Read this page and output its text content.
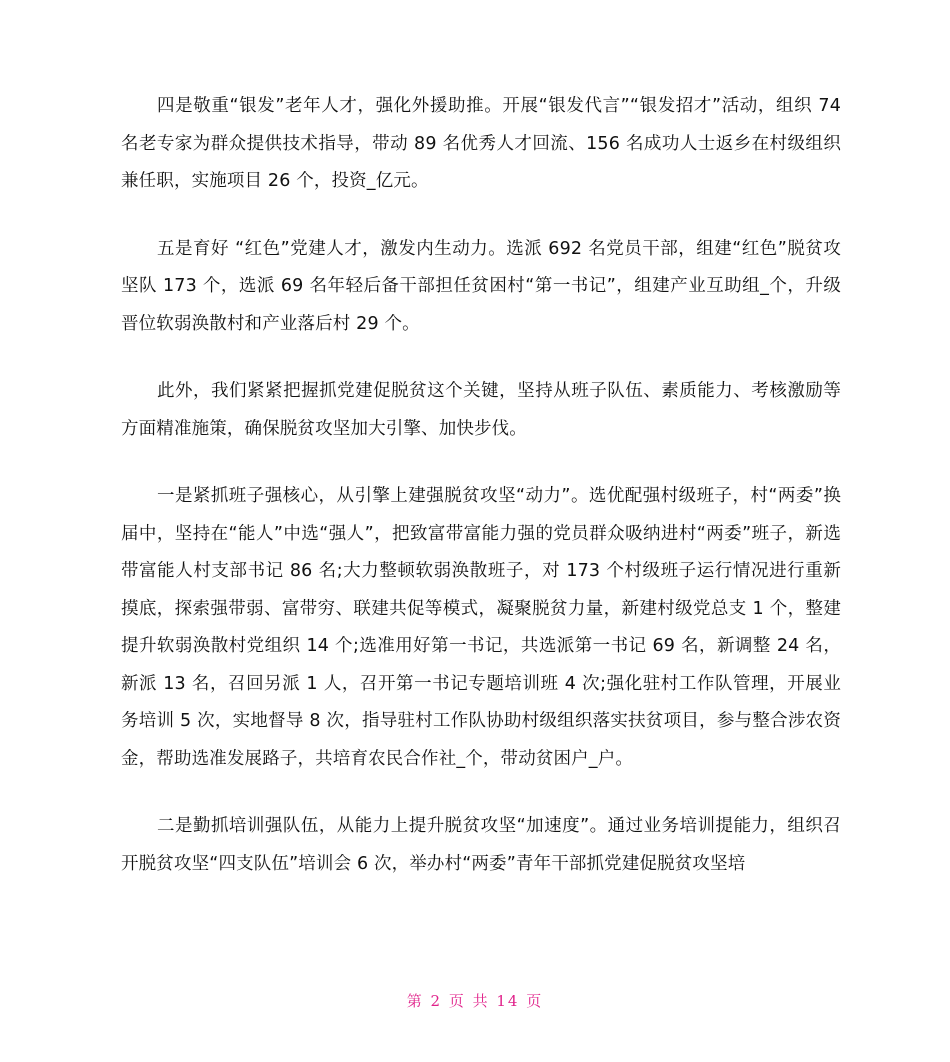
四是敬重“银发”老年人才，强化外援助推。开展“银发代言”“银发招才”活动，组织 74 名老专家为群众提供技术指导，带动 89 名优秀人才回流、156 名成功人士返乡在村级组织兼任职，实施项目 26 个，投资_亿元。

五是育好 “红色”党建人才，激发内生动力。选派 692 名党员干部，组建“红色”脱贫攻坚队 173 个，选派 69 名年轻后备干部担任贫困村“第一书记”，组建产业互助组_个，升级晋位软弱涣散村和产业落后村 29 个。

此外，我们紧紧把握抓党建促脱贫这个关键，坚持从班子队伍、素质能力、考核激励等方面精准施策，确保脱贫攻坚加大引擎、加快步伐。

一是紧抓班子强核心，从引擎上建强脱贫攻坚“动力”。选优配强村级班子，村“两委”换届中，坚持在“能人”中选“强人”，把致富带富能力强的党员群众吸纳进村“两委”班子，新选带富能人村支部书记 86 名;大力整顿软弱涣散班子，对 173 个村级班子运行情况进行重新摸底，探索强带弱、富带穷、联建共促等模式，凝聚脱贫力量，新建村级党总支 1 个，整建提升软弱涣散村党组织 14 个;选准用好第一书记，共选派第一书记 69 名，新调整 24 名，新派 13 名，召回另派 1 人，召开第一书记专题培训班 4 次;强化驻村工作队管理，开展业务培训 5 次，实地督导 8 次，指导驻村工作队协助村级组织落实扶贫项目，参与整合涉农资金，帮助选准发展路子，共培育农民合作社_个，带动贫困户_户。

二是勤抓培训强队伍，从能力上提升脱贫攻坚“加速度”。通过业务培训提能力，组织召开脱贫攻坚“四支队伍”培训会 6 次，举办村“两委”青年干部抓党建促脱贫攻坚培

第 2 页 共 14 页
